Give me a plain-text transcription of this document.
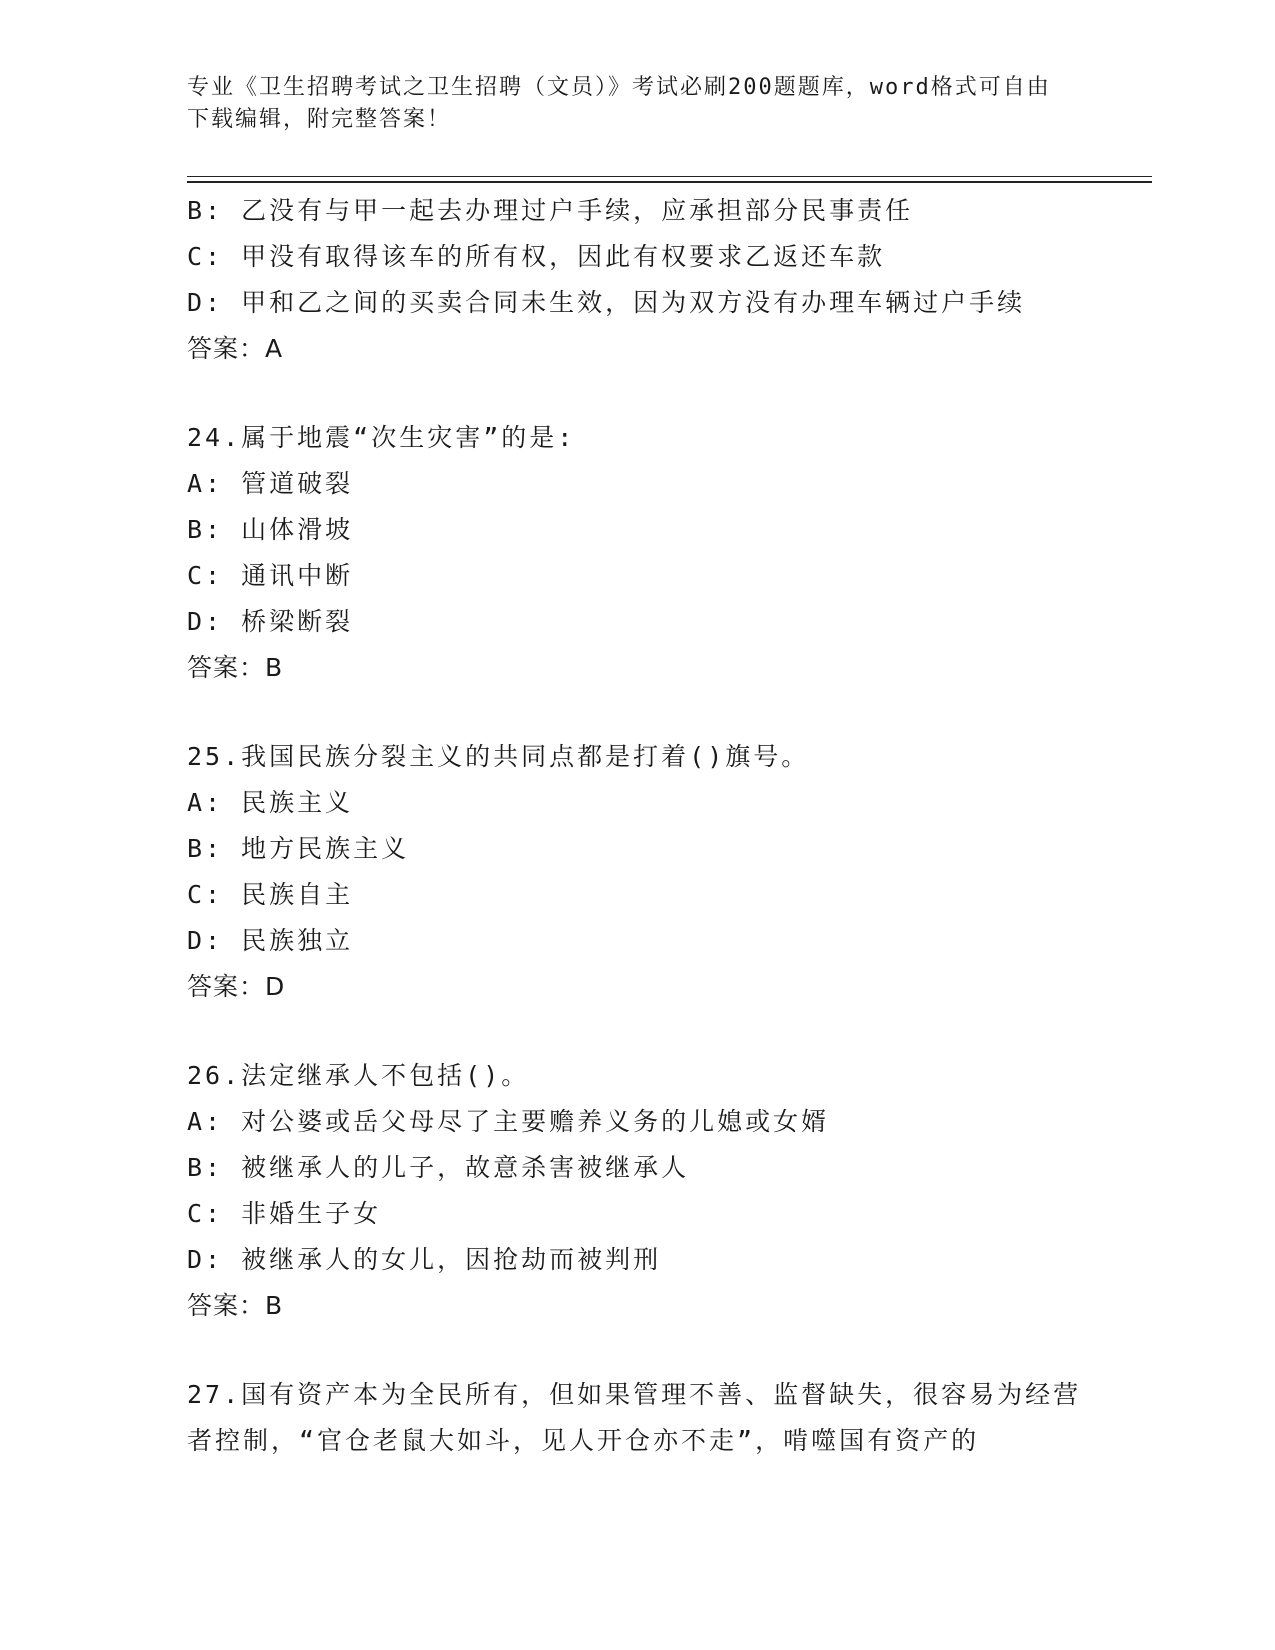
专业《卫生招聘考试之卫生招聘（文员）》考试必刷200题题库，word格式可自由下载编辑，附完整答案！
B: 乙没有与甲一起去办理过户手续，应承担部分民事责任
C: 甲没有取得该车的所有权，因此有权要求乙返还车款
D: 甲和乙之间的买卖合同未生效，因为双方没有办理车辆过户手续
答案：A
24.属于地震“次生灾害”的是:
A: 管道破裂
B: 山体滑坡
C: 通讯中断
D: 桥梁断裂
答案：B
25.我国民族分裂主义的共同点都是打着()旗号。
A: 民族主义
B: 地方民族主义
C: 民族自主
D: 民族独立
答案：D
26.法定继承人不包括()。
A: 对公婆或岳父母尽了主要赡养义务的儿媳或女婿
B: 被继承人的儿子，故意杀害被继承人
C: 非婚生子女
D: 被继承人的女儿，因抢劫而被判刑
答案：B
27.国有资产本为全民所有，但如果管理不善、监督缺失，很容易为经营者控制，“官仓老鼠大如斗，见人开仓亦不走”，啃噬国有资产的
